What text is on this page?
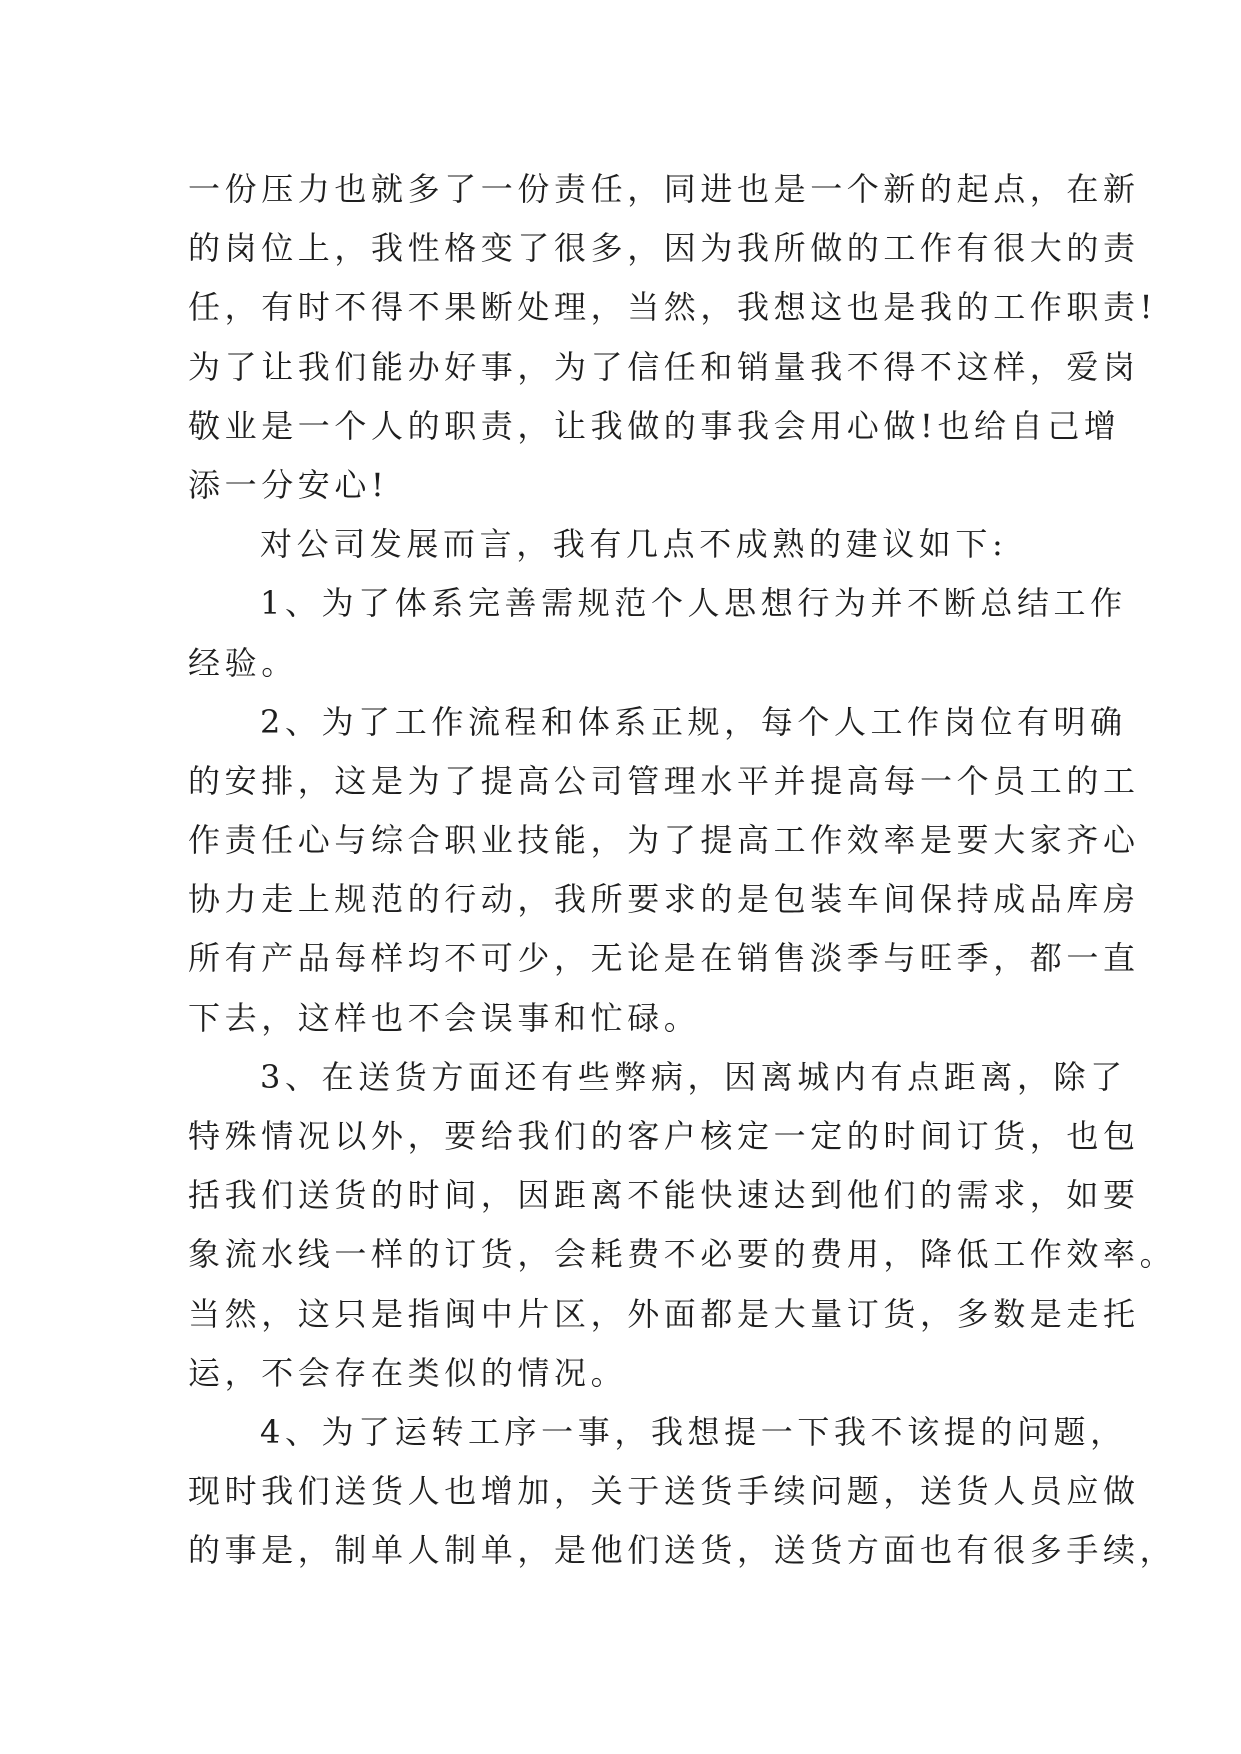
一份压力也就多了一份责任，同进也是一个新的起点，在新
的岗位上，我性格变了很多，因为我所做的工作有很大的责
任，有时不得不果断处理，当然，我想这也是我的工作职责!
为了让我们能办好事，为了信任和销量我不得不这样，爱岗
敬业是一个人的职责，让我做的事我会用心做!也给自己增
添一分安心!
对公司发展而言，我有几点不成熟的建议如下:
1、为了体系完善需规范个人思想行为并不断总结工作
经验。
2、为了工作流程和体系正规，每个人工作岗位有明确
的安排，这是为了提高公司管理水平并提高每一个员工的工
作责任心与综合职业技能，为了提高工作效率是要大家齐心
协力走上规范的行动，我所要求的是包装车间保持成品库房
所有产品每样均不可少，无论是在销售淡季与旺季，都一直
下去，这样也不会误事和忙碌。
3、在送货方面还有些弊病，因离城内有点距离，除了
特殊情况以外，要给我们的客户核定一定的时间订货，也包
括我们送货的时间，因距离不能快速达到他们的需求，如要
象流水线一样的订货，会耗费不必要的费用，降低工作效率。
当然，这只是指闽中片区，外面都是大量订货，多数是走托
运，不会存在类似的情况。
4、为了运转工序一事，我想提一下我不该提的问题，
现时我们送货人也增加，关于送货手续问题，送货人员应做
的事是，制单人制单，是他们送货，送货方面也有很多手续，
